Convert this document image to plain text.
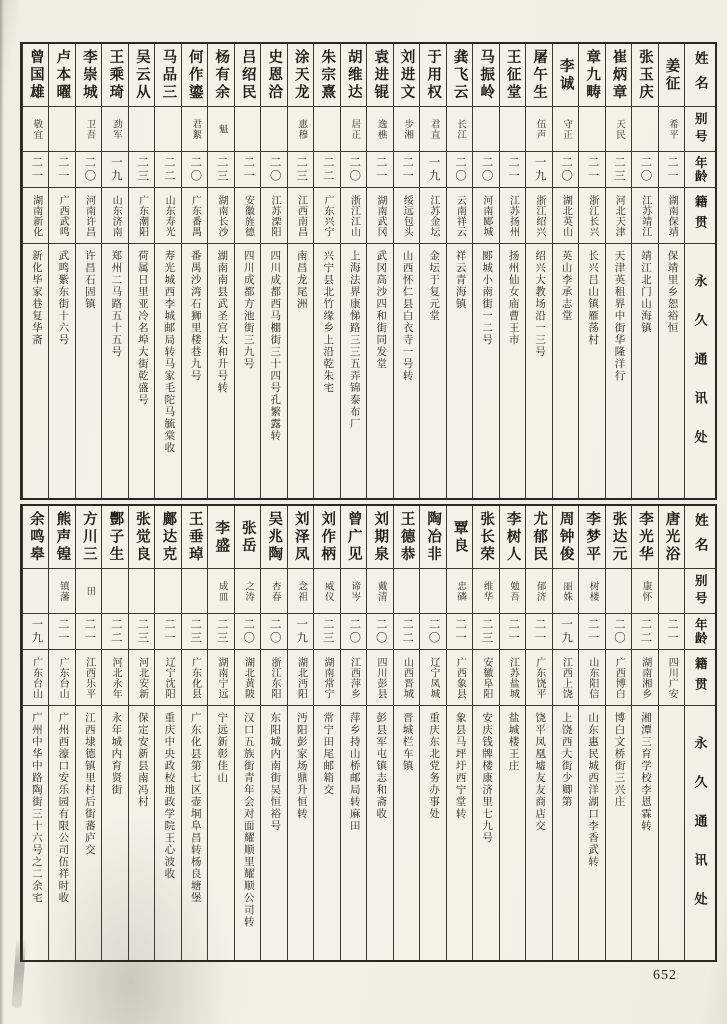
姓名
别号
年龄
籍贯
永久通讯处
姜征
希平
二一
湖南保靖
保靖里乡恕裕恒
张玉庆
二〇
江苏靖江
靖江北门山海镇
崔炳章
天民
二三
河北天津
天津英租界中街华隆洋行
章九畴
二一
浙江长兴
长兴吕山镇雁荡村
李诚
守正
二〇
湖北英山
英山李承志堂
屠午生
伍声
一九
浙江绍兴
绍兴大教场沿一三号
王征堂
二一
江苏扬州
扬州仙女庙曹王市
马振岭
二〇
河南郾城
郾城小南街一二号
龚飞云
长江
二〇
云南祥云
祥云青海镇
于用权
君直
一九
江苏金坛
金坛于复元堂
刘进文
步湘
二一
绥远包头
山西怀仁县白衣寺一号转
袁进锟
逸樵
二一
湖南武冈
武冈高沙四和街同发堂
胡维达
居正
二〇
浙江江山
上海法界康悌路三三五弄锦泰布厂
朱宗熹
二二
广东兴宁
兴宁县北竹缘乡上沿乾朱宅
涂天龙
惠穆
二三
江西南昌
南昌龙尾洲
史恩洽
二〇
江苏溧阳
四川成都西马棚街三十四号孔繁露转
吕绍民
二一
安徽旌德
四川成都方池街三九号
杨有余
魁
二三
湖南长沙
湖南南县武圣宫太和升号转
何作鎏
君絮
二〇
广东番禺
番禺沙湾石狮里楼巷九号
马品三
二二
山东寿光
寿光城西李城邮局转马家毛陀马毓棠收
吴云从
二三
广东潮阳
荷属日里亚冷名埠大街乾盛号
王乘琦
劲军
一九
山东济南
郑州二马路五十五号
李崇城
卫吾
二〇
河南许昌
许昌石固镇
卢本曜
二一
广西武鸣
武鸣紫东街十六号
曾国雄
敬宜
二一
湖南新化
新化毕家巷复华斋
姓名
别号
年龄
籍贯
永久通讯处
唐光浴
二一
四川广安
李光华
康怀
二二
湖南湘乡
湘潭三育学校李恩霖转
张达元
二〇
广西博白
博白文桥街三兴庄
李梦平
树楼
二一
山东阳信
山东惠民城西洋湖口李香武转
周钟俊
丽姝
一九
江西上饶
上饶西大街少卿第
尤郁民
郁济
二一
广东饶平
饶平凤凰墟友友商店交
李树人
勉吾
二一
江苏盐城
盐城楼王庄
张长荣
维华
二三
安徽阜阳
安庆钱牌楼康济里七九号
覃良
忠磷
二一
广西象县
象县马坪圩西宁堂转
陶冶非
二〇
辽宁凤城
重庆东北党务办事处
王德恭
二二
山西晋城
晋城栏车镇
刘期泉
戴清
二〇
四川彭县
彭县军屯镇志和斋收
曾广见
谛岑
二〇
江西萍乡
萍乡持山桥邮局转麻田
刘作柄
威仪
二三
湖南常宁
常宁田尾邮箱交
刘泽凤
念祖
一九
湖北沔阳
沔阳彭家场鼎升恒转
吴兆陶
杏春
二〇
浙江东阳
东阳城内南街吴恒裕号
张岳
之涛
二〇
湖北黄陂
汉口五族街青年会对面耀顺里耀顺公司转
李盛
成皿
二三
湖南宁远
宁远新彰佳山
王垂琸
二三
广东化县
广东化县第七区壶垌阜昌转杨良塘堡
鄺达克
二一
辽宁沈阳
重庆中央政校地政学院王心波收
张觉良
二三
河北安新
保定安新县南冯村
酆子生
二二
河北永年
永年城内育贤街
方川三
田
二一
江西乐平
江西埭德镇里村后街蕃庐交
熊声锽
镇藩
二一
广东台山
广州西濠口安乐园有限公司伍祥时收
余鸣皋
一九
广东台山
广州中华中路陶街三十六号之二余宅
652
